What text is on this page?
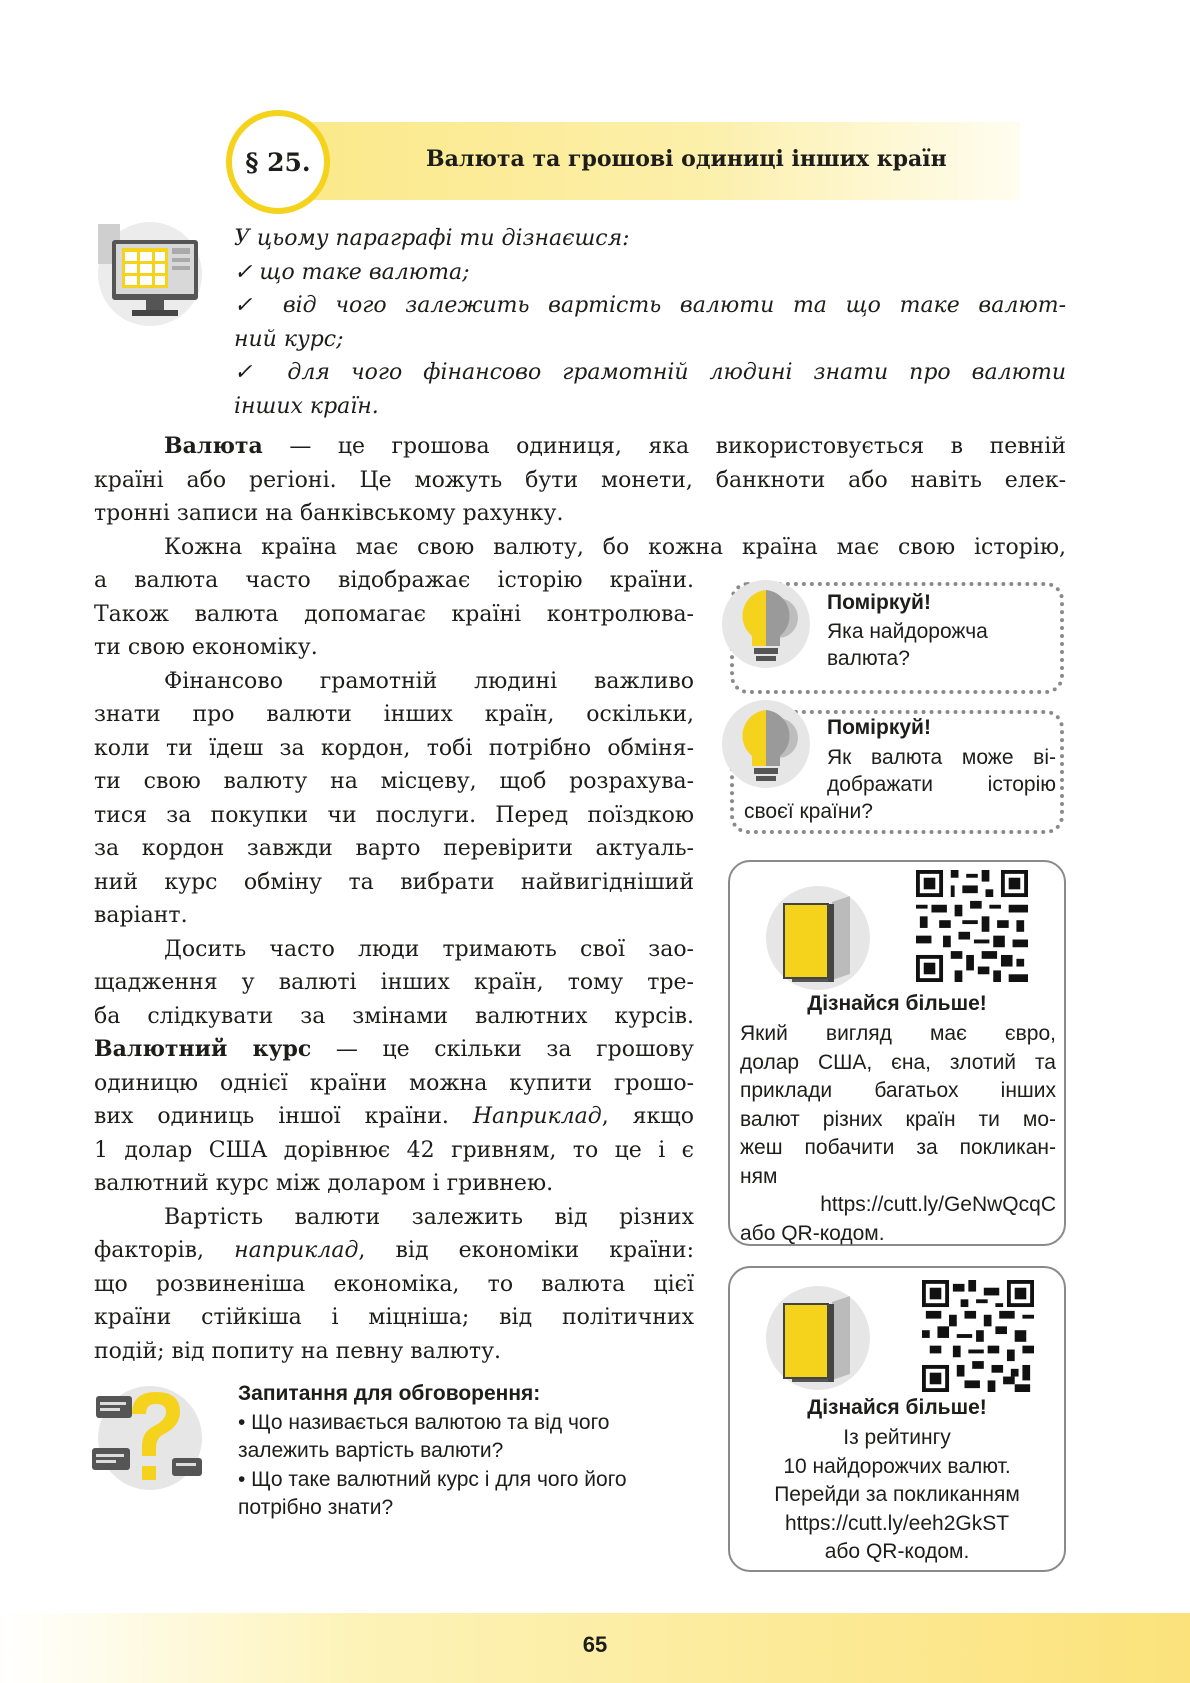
§ 25.	Валюта та грошові одиниці інших країн

У цьому параграфі ти дізнаєшся:

✓ що таке валюта;

✓ від чого залежить вартість валюти та що таке валют-

ний курс;

✓ для чого фінансово грамотній людині знати про валюти

інших країн.

Валюта — це грошова одиниця, яка використовується в певній
країні або регіоні. Це можуть бути монети, банкноти або навіть елек-
тронні записи на банківському рахунку.
Кожна країна має свою валюту, бо кожна країна має свою історію,
а валюта часто відображає історію країни.
Також валюта допомагає країні контролюва-
ти свою економіку.
Фінансово грамотній людині важливо
знати про валюти інших країн, оскільки,
коли ти їдеш за кордон, тобі потрібно обміня-
ти свою валюту на місцеву, щоб розрахува-
тися за покупки чи послуги. Перед поїздкою
за кордон завжди варто перевірити актуаль-
ний курс обміну та вибрати найвигідніший
варіант.
Досить часто люди тримають свої зао-
щадження у валюті інших країн, тому тре-
ба слідкувати за змінами валютних курсів.
Валютний курс — це скільки за грошову
одиницю однієї країни можна купити грошо-
вих одиниць іншої країни. Наприклад, якщо
1 долар США дорівнює 42 гривням, то це і є
валютний курс між доларом і гривнею.
Вартість валюти залежить від різних
факторів, наприклад, від економіки країни:
що розвиненіша економіка, то валюта цієї
країни стійкіша і міцніша; від політичних
подій; від попиту на певну валюту.
Поміркуй!
Яка найдорожча
валюта?
Поміркуй!
Як валюта може ві-
дображати історію
своєї країни?
Дізнайся більше!
Який вигляд має євро,
долар США, єна, злотий та
приклади багатьох інших
валют різних країн ти мо-
жеш побачити за покликан-
ням
https://cutt.ly/GeNwQcqC
або QR-кодом.
Дізнайся більше!
Із рейтингу
10 найдорожчих валют.
Перейди за покликанням
https://cutt.ly/eeh2GkST
або QR-кодом.
Запитання для обговорення:
• Що називається валютою та від чого
залежить вартість валюти?
• Що таке валютний курс і для чого його
потрібно знати?
65
